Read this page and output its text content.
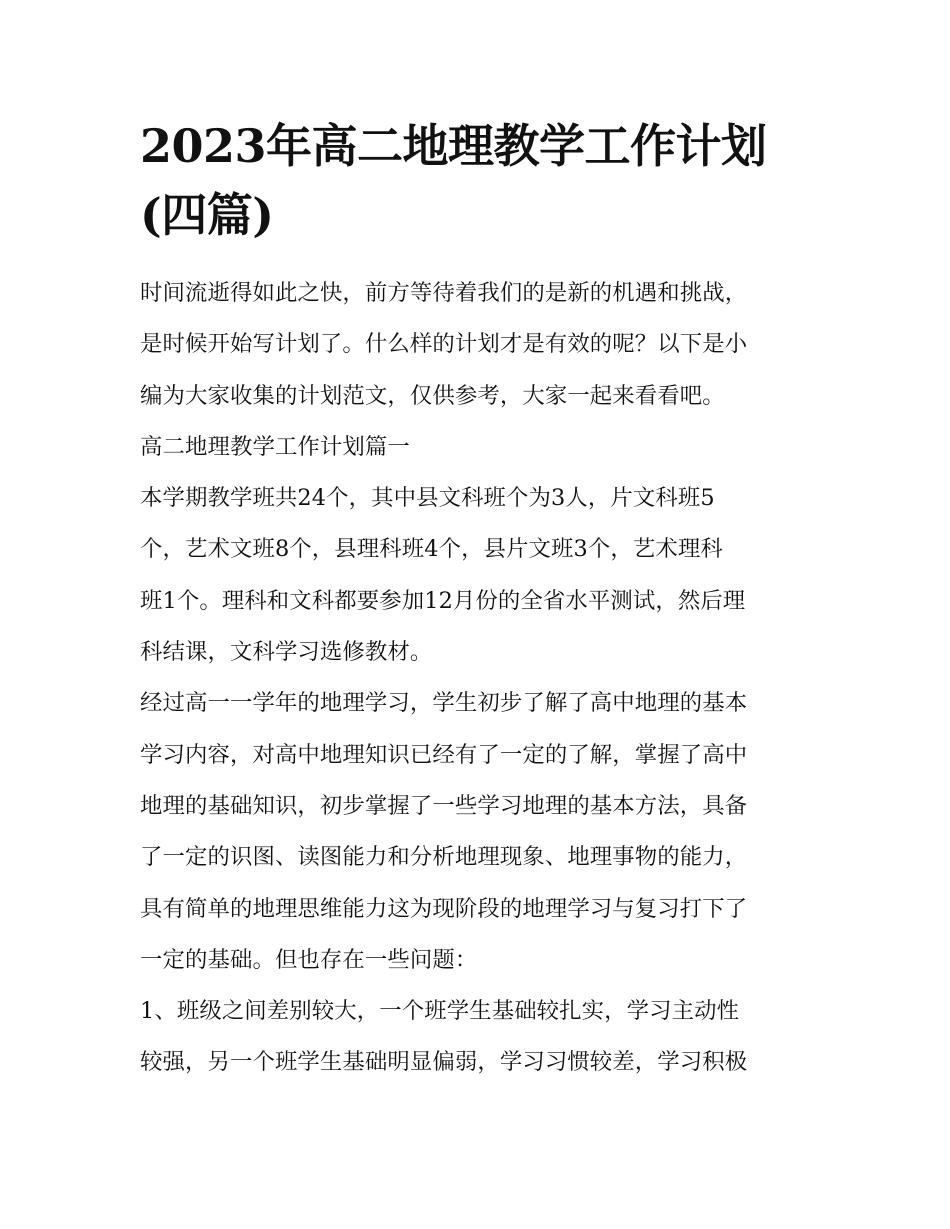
2023年高二地理教学工作计划
(四篇)
时间流逝得如此之快，前方等待着我们的是新的机遇和挑战，
是时候开始写计划了。什么样的计划才是有效的呢？以下是小
编为大家收集的计划范文，仅供参考，大家一起来看看吧。
高二地理教学工作计划篇一
本学期教学班共24个，其中县文科班个为3人，片文科班5
个，艺术文班8个，县理科班4个，县片文班3个，艺术理科
班1个。理科和文科都要参加12月份的全省水平测试，然后理
科结课，文科学习选修教材。
经过高一一学年的地理学习，学生初步了解了高中地理的基本
学习内容，对高中地理知识已经有了一定的了解，掌握了高中
地理的基础知识，初步掌握了一些学习地理的基本方法，具备
了一定的识图、读图能力和分析地理现象、地理事物的能力，
具有简单的地理思维能力这为现阶段的地理学习与复习打下了
一定的基础。但也存在一些问题：
1、班级之间差别较大，一个班学生基础较扎实，学习主动性
较强，另一个班学生基础明显偏弱，学习习惯较差，学习积极
